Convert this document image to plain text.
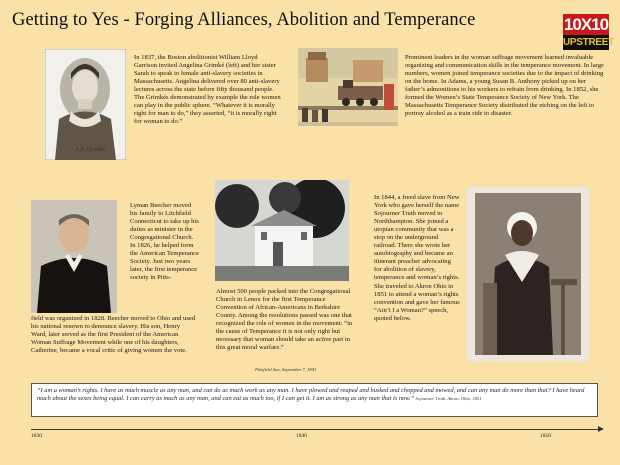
Getting to Yes - Forging Alliances, Abolition and Temperance	10X10
UPSTREET
A.E. Grimké
In 1837, the Boston abolitionist William Lloyd Garrison invited Angelina Grimké (left) and her sister Sarah to speak to female anti-slavery societies in Massachusetts. Angelina delivered over 80 anti-slavery lectures across the state before fifty thousand people. The Grimkés demonstrated by example the role women can play in the public sphere. “Whatever it is morally right for man to do,” they asserted, “it is morally right for woman to do.”
Prominent leaders in the woman suffrage movement learned invaluable organizing and communication skills in the temperance movement. In large numbers, women joined temperance societies due to the impact of drinking on the home. In Adams, a young Susan B. Anthony picked up on her father’s admonitions to his workers to refrain from drinking. In 1852, she formed the Women’s State Temperance Society of New York. The Massachusetts Temperance Society distributed the etching on the left to portray alcohol as a train ride to disaster.
Lyman Beecher moved his family to Litchfield Connecticut to take up his duties as minister in the Congregational Church. In 1826, he helped form the American Temperance Society. Just two years later, the first temperance society in Pitts-
field was organized in 1828. Beecher moved to Ohio and used his national renown to denounce slavery. His son, Henry Ward, later served as the first President of the American Woman Suffrage Movement while one of his daughters, Catherine, became a vocal critic of giving women the vote.
Almost 500 people packed into the Congregational Church in Lenox for the first Temperance Convention of African-Americans in Berkshire County. Among the resolutions passed was one that recognized the role of women in the movement: “in the cause of Temperance it is not only right but necessary that woman should take an active part in this great moral warfare.”
Pittsfield Sun, September 7, 1843
In 1844, a freed slave from New York who gave herself the name Sojourner Truth moved to Northhampton. She joined a utopian community that was a stop on the underground railroad. There she wrote her autobiography and became an itinerant preacher advocating for abolition of slavery, temperance and woman’s rights. She traveled to Akron Ohio in 1851 to attend a woman’s rights convention and gave her famous “Ain’t I a Woman?” speech, quoted below.
“I am a woman’s rights. I have as much muscle as any man, and can do as much work as any man. I have plowed and reaped and husked and chopped and mowed, and can any man do more than that? I have heard much about the sexes being equal. I can carry as much as any man, and can eat as much too, if I can get it. I am as strong as any man that is now.” Sojourner Truth, Akron, Ohio, 1851
1830	1840	1850
